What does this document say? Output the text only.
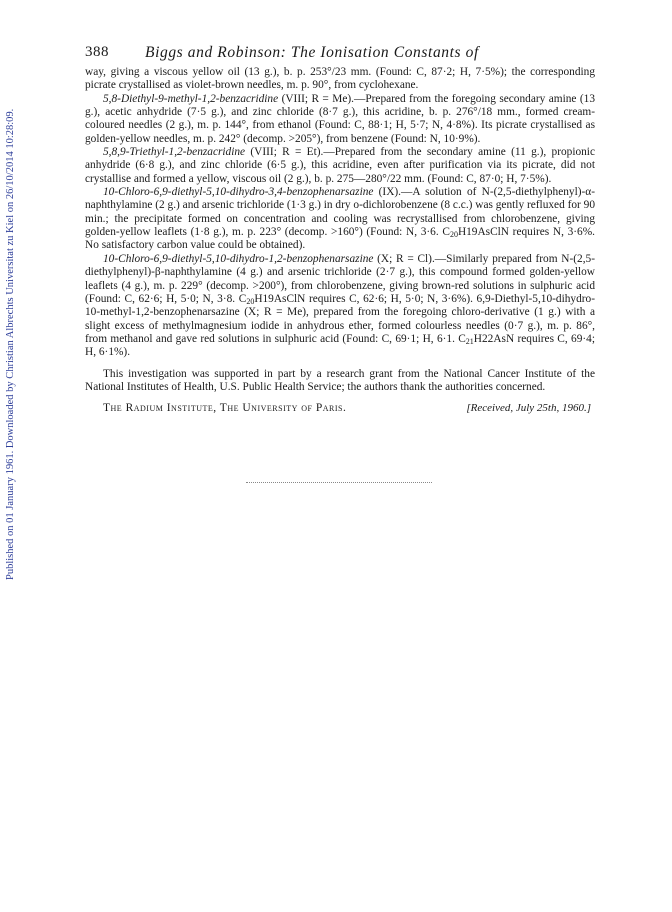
Published on 01 January 1961. Downloaded by Christian Albrechts Universitat zu Kiel on 26/10/2014 10:28:09.
388 Biggs and Robinson: The Ionisation Constants of

way, giving a viscous yellow oil (13 g.), b. p. 253°/23 mm. (Found: C, 87·2; H, 7·5%); the corresponding picrate crystallised as violet-brown needles, m. p. 90°, from cyclohexane.

5,8-Diethyl-9-methyl-1,2-benzacridine (VIII; R = Me).—Prepared from the foregoing secondary amine (13 g.), acetic anhydride (7·5 g.), and zinc chloride (8·7 g.), this acridine, b. p. 276°/18 mm., formed cream-coloured needles (2 g.), m. p. 144°, from ethanol (Found: C, 88·1; H, 5·7; N, 4·8%). Its picrate crystallised as golden-yellow needles, m. p. 242° (decomp. >205°), from benzene (Found: N, 10·9%).

5,8,9-Triethyl-1,2-benzacridine (VIII; R = Et).—Prepared from the secondary amine (11 g.), propionic anhydride (6·8 g.), and zinc chloride (6·5 g.), this acridine, even after purification via its picrate, did not crystallise and formed a yellow, viscous oil (2 g.), b. p. 275—280°/22 mm. (Found: C, 87·0; H, 7·5%).

10-Chloro-6,9-diethyl-5,10-dihydro-3,4-benzophenarsazine (IX).—A solution of N-(2,5-diethylphenyl)-α-naphthylamine (2 g.) and arsenic trichloride (1·3 g.) in dry o-dichlorobenzene (8 c.c.) was gently refluxed for 90 min.; the precipitate formed on concentration and cooling was recrystallised from chlorobenzene, giving golden-yellow leaflets (1·8 g.), m. p. 223° (decomp. >160°) (Found: N, 3·6. $C_{20}H19AsClN$ requires N, 3·6%. No satisfactory carbon value could be obtained).

10-Chloro-6,9-diethyl-5,10-dihydro-1,2-benzophenarsazine (X; R = Cl).—Similarly prepared from N-(2,5-diethylphenyl)-β-naphthylamine (4 g.) and arsenic trichloride (2·7 g.), this compound formed golden-yellow leaflets (4 g.), m. p. 229° (decomp. >200°), from chlorobenzene, giving brown-red solutions in sulphuric acid (Found: C, 62·6; H, 5·0; N, 3·8. $C_{20}H19AsClN$ requires C, 62·6; H, 5·0; N, 3·6%). 6,9-Diethyl-5,10-dihydro-10-methyl-1,2-benzophenarsazine (X; R = Me), prepared from the foregoing chloro-derivative (1 g.) with a slight excess of methylmagnesium iodide in anhydrous ether, formed colourless needles (0·7 g.), m. p. 86°, from methanol and gave red solutions in sulphuric acid (Found: C, 69·1; H, 6·1. $C_{21}H22AsN$ requires C, 69·4; H, 6·1%).

This investigation was supported in part by a research grant from the National Cancer Institute of the National Institutes of Health, U.S. Public Health Service; the authors thank the authorities concerned.

The Radium Institute, The University of Paris.	[Received, July 25th, 1960.]
